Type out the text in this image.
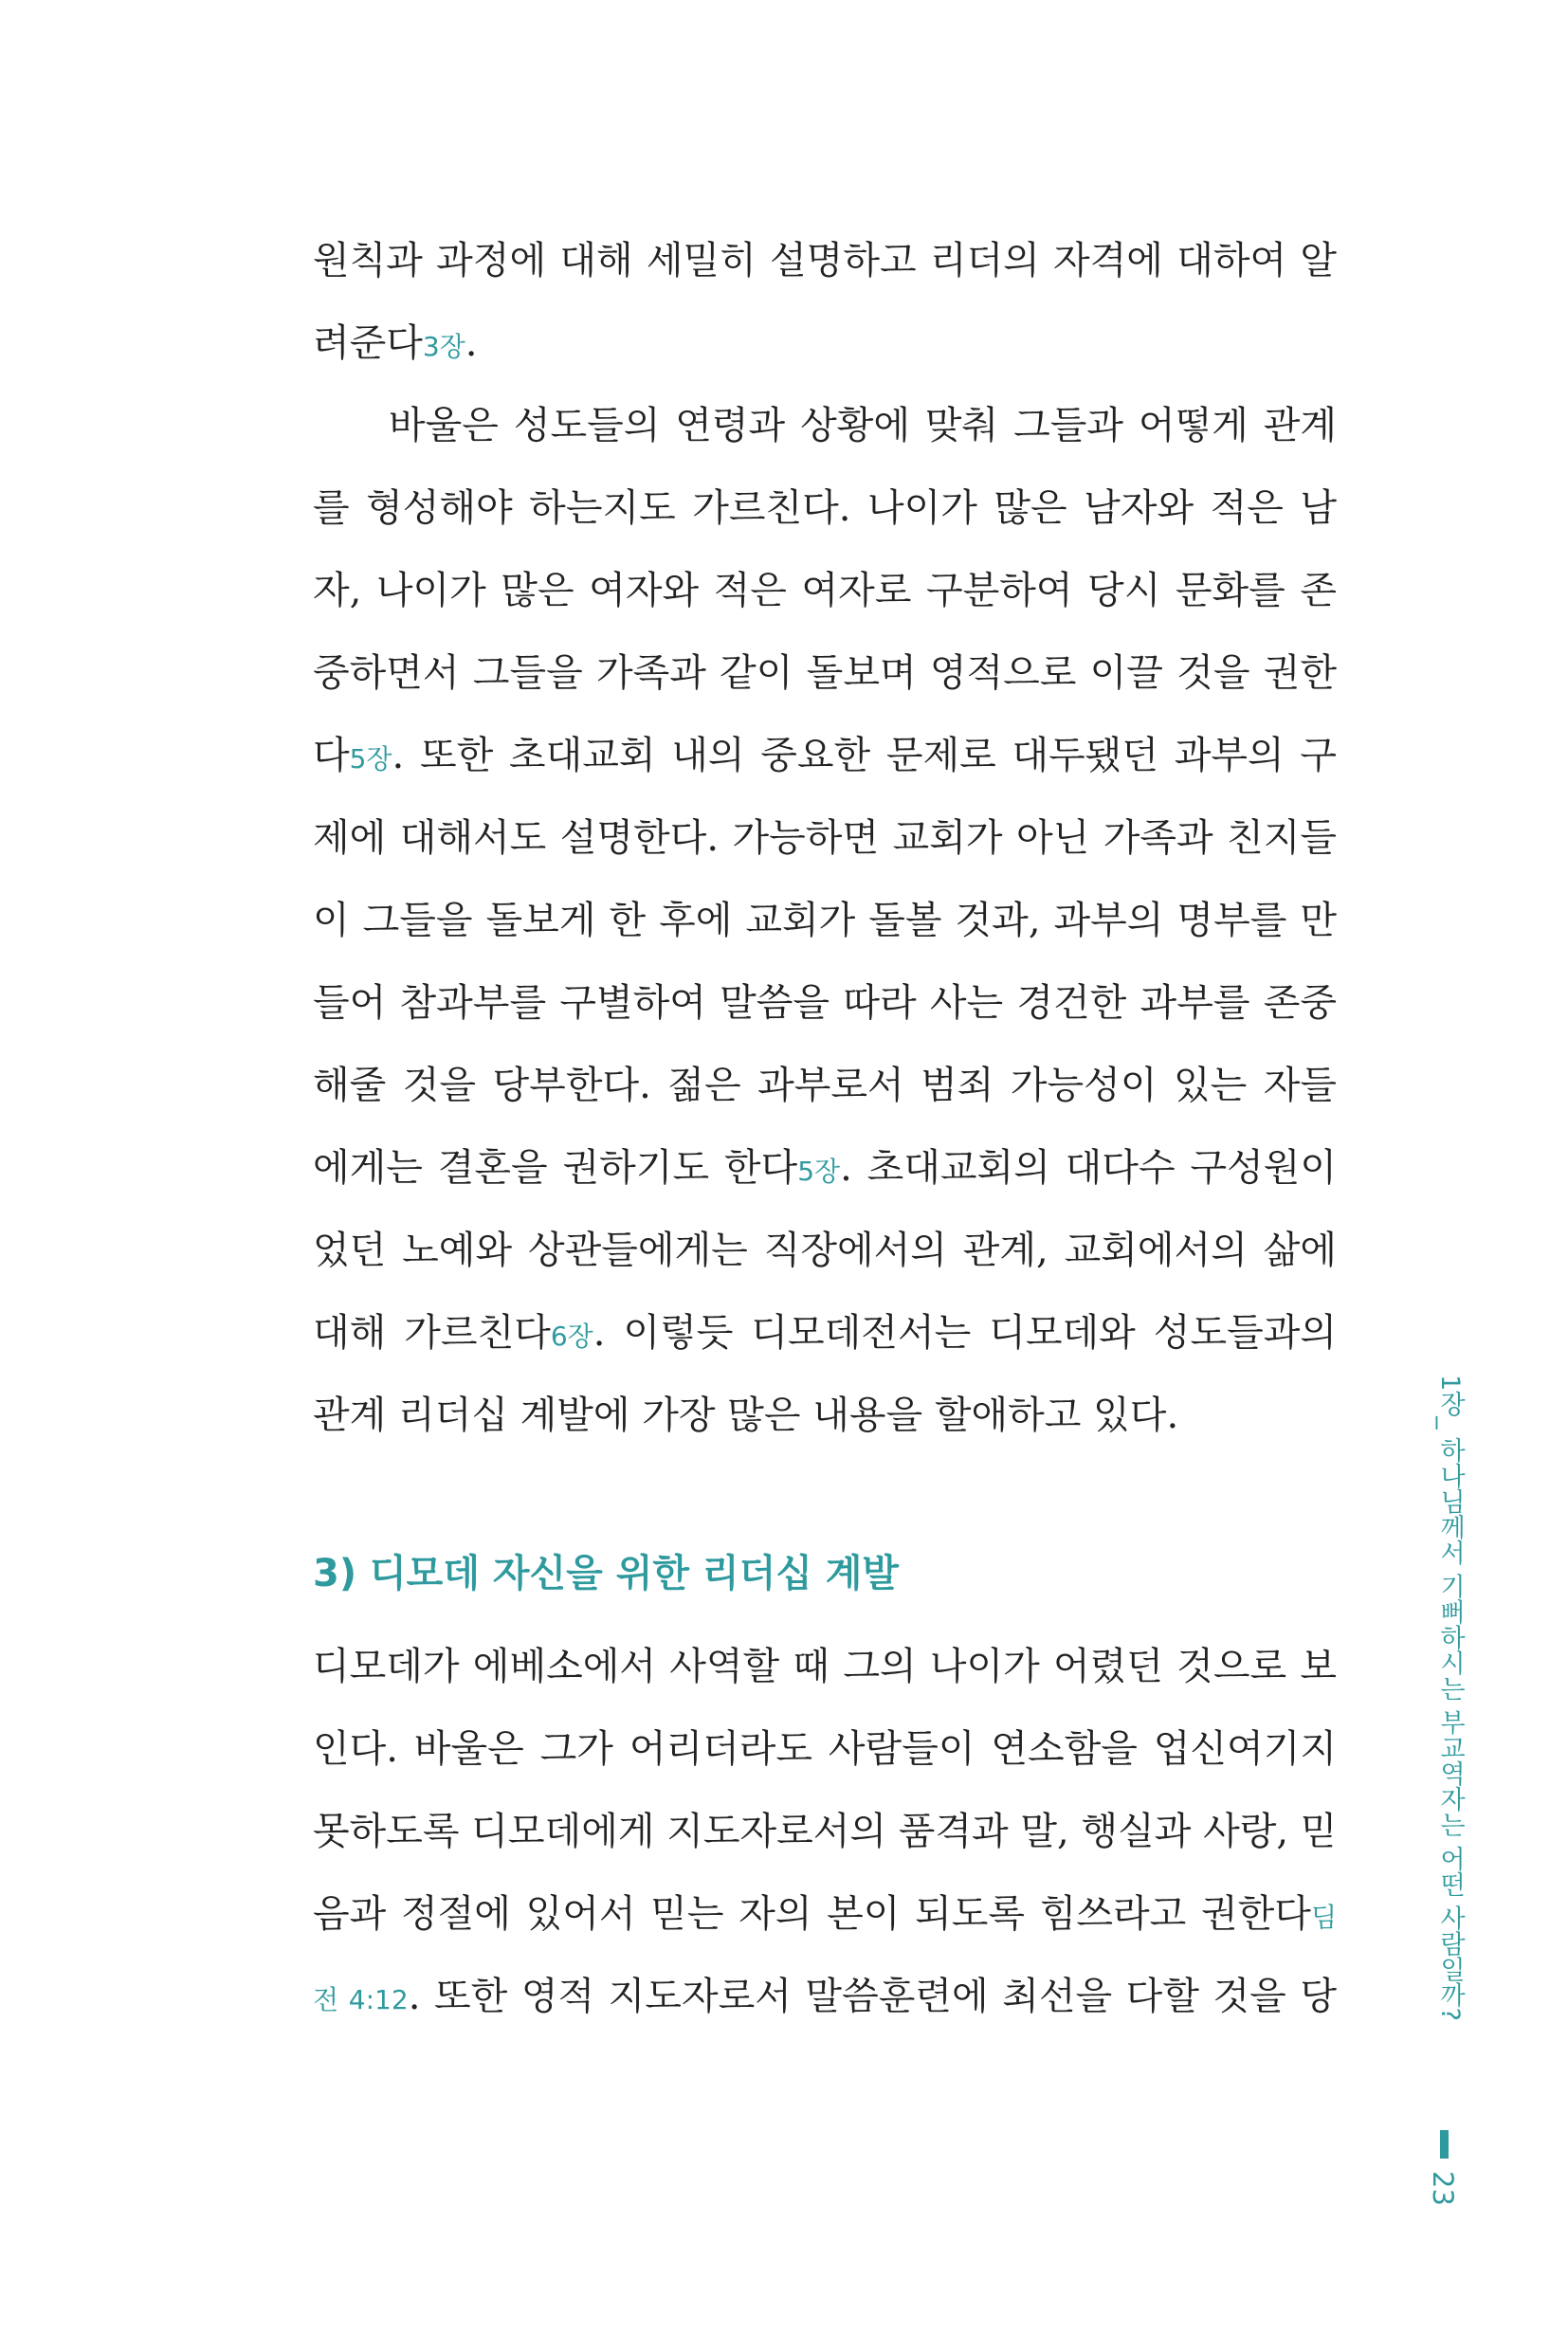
원칙과 과정에 대해 세밀히 설명하고 리더의 자격에 대하여 알
려준다3장.
바울은 성도들의 연령과 상황에 맞춰 그들과 어떻게 관계
를 형성해야 하는지도 가르친다. 나이가 많은 남자와 적은 남
자, 나이가 많은 여자와 적은 여자로 구분하여 당시 문화를 존
중하면서 그들을 가족과 같이 돌보며 영적으로 이끌 것을 권한
다5장. 또한 초대교회 내의 중요한 문제로 대두됐던 과부의 구
제에 대해서도 설명한다. 가능하면 교회가 아닌 가족과 친지들
이 그들을 돌보게 한 후에 교회가 돌볼 것과, 과부의 명부를 만
들어 참과부를 구별하여 말씀을 따라 사는 경건한 과부를 존중
해줄 것을 당부한다. 젊은 과부로서 범죄 가능성이 있는 자들
에게는 결혼을 권하기도 한다5장. 초대교회의 대다수 구성원이
었던 노예와 상관들에게는 직장에서의 관계, 교회에서의 삶에
대해 가르친다6장. 이렇듯 디모데전서는 디모데와 성도들과의
관계 리더십 계발에 가장 많은 내용을 할애하고 있다.
3) 디모데 자신을 위한 리더십 계발
디모데가 에베소에서 사역할 때 그의 나이가 어렸던 것으로 보
인다. 바울은 그가 어리더라도 사람들이 연소함을 업신여기지
못하도록 디모데에게 지도자로서의 품격과 말, 행실과 사랑, 믿
음과 정절에 있어서 믿는 자의 본이 되도록 힘쓰라고 권한다딤
전 4:12. 또한 영적 지도자로서 말씀훈련에 최선을 다할 것을 당	1장_ 하나님께서 기뻐하시는 부교역자는 어떤 사람일까?
23
